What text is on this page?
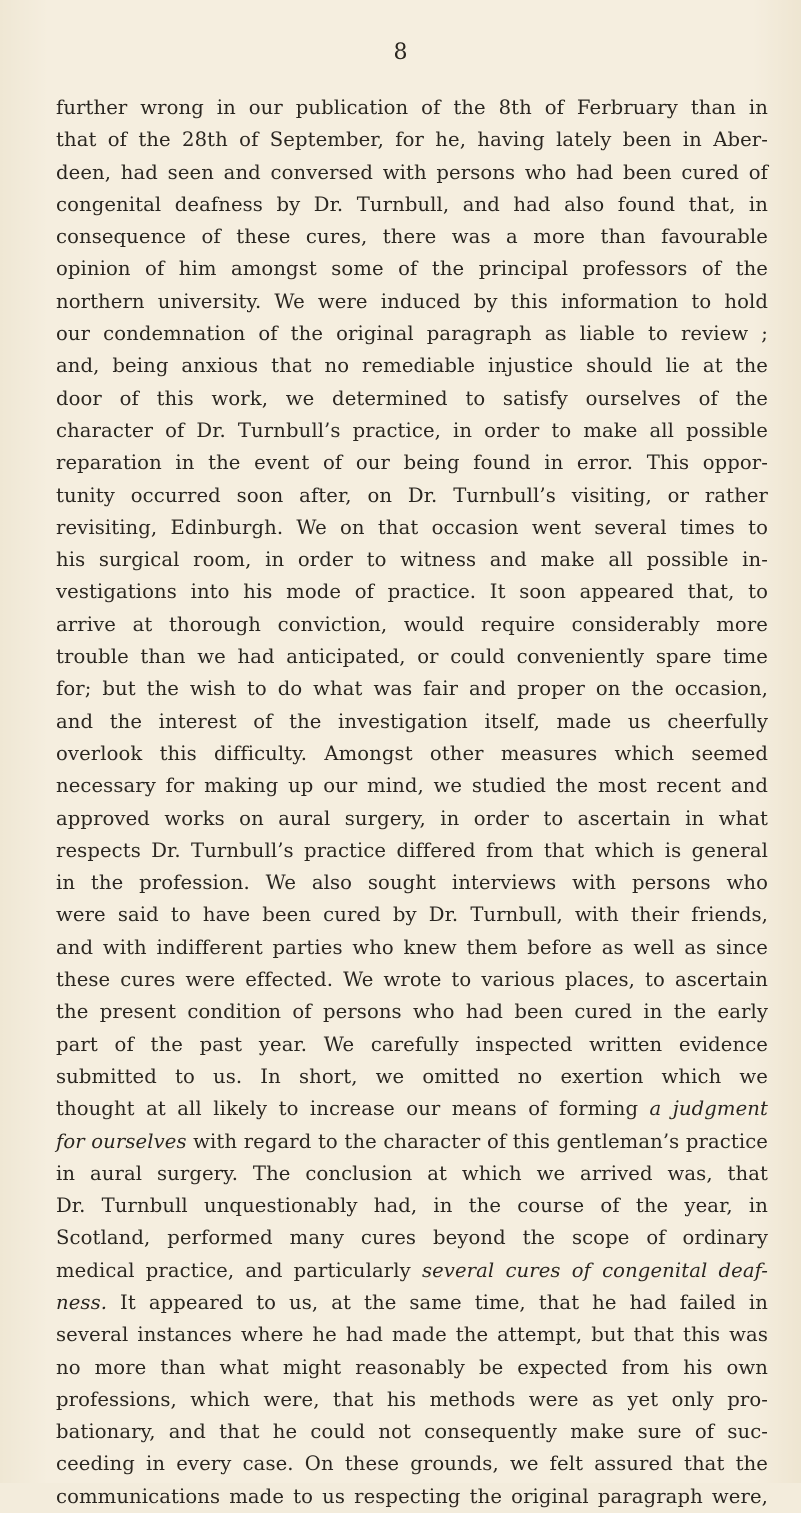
8
further wrong in our publication of the 8th of Ferbruary than in
that of the 28th of September, for he, having lately been in Aber-
deen, had seen and conversed with persons who had been cured of
congenital deafness by Dr. Turnbull, and had also found that, in
consequence of these cures, there was a more than favourable
opinion of him amongst some of the principal professors of the
northern university. We were induced by this information to hold
our condemnation of the original paragraph as liable to review ;
and, being anxious that no remediable injustice should lie at the
door of this work, we determined to satisfy ourselves of the
character of Dr. Turnbull’s practice, in order to make all possible
reparation in the event of our being found in error. This oppor-
tunity occurred soon after, on Dr. Turnbull’s visiting, or rather
revisiting, Edinburgh. We on that occasion went several times to
his surgical room, in order to witness and make all possible in-
vestigations into his mode of practice. It soon appeared that, to
arrive at thorough conviction, would require considerably more
trouble than we had anticipated, or could conveniently spare time
for; but the wish to do what was fair and proper on the occasion,
and the interest of the investigation itself, made us cheerfully
overlook this difficulty. Amongst other measures which seemed
necessary for making up our mind, we studied the most recent and
approved works on aural surgery, in order to ascertain in what
respects Dr. Turnbull’s practice differed from that which is general
in the profession. We also sought interviews with persons who
were said to have been cured by Dr. Turnbull, with their friends,
and with indifferent parties who knew them before as well as since
these cures were effected. We wrote to various places, to ascertain
the present condition of persons who had been cured in the early
part of the past year. We carefully inspected written evidence
submitted to us. In short, we omitted no exertion which we
thought at all likely to increase our means of forming a judgment
for ourselves with regard to the character of this gentleman’s practice
in aural surgery. The conclusion at which we arrived was, that
Dr. Turnbull unquestionably had, in the course of the year, in
Scotland, performed many cures beyond the scope of ordinary
medical practice, and particularly several cures of congenital deaf-
ness. It appeared to us, at the same time, that he had failed in
several instances where he had made the attempt, but that this was
no more than what might reasonably be expected from his own
professions, which were, that his methods were as yet only pro-
bationary, and that he could not consequently make sure of suc-
ceeding in every case. On these grounds, we felt assured that the
communications made to us respecting the original paragraph were,
